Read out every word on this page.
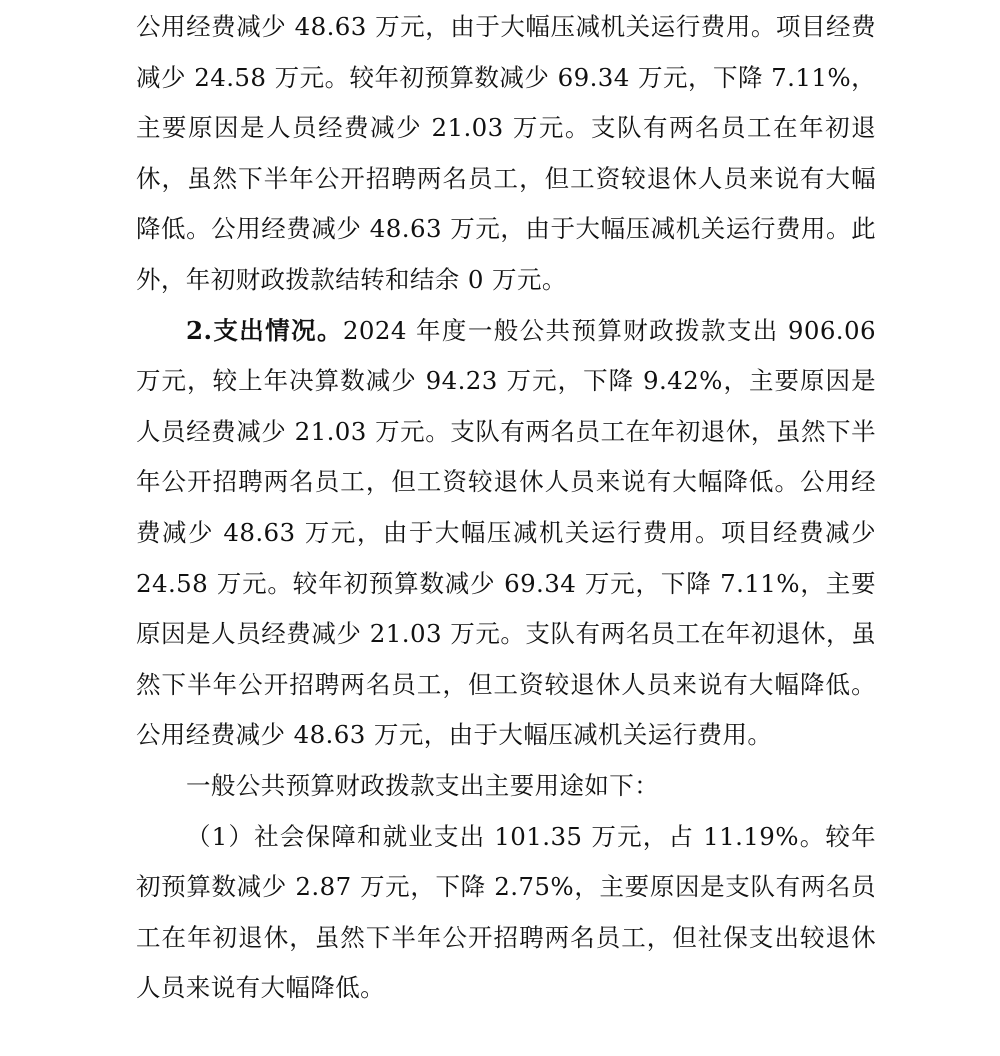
公用经费减少 48.63 万元，由于大幅压减机关运行费用。项目经费减少 24.58 万元。较年初预算数减少 69.34 万元，下降 7.11%，主要原因是人员经费减少 21.03 万元。支队有两名员工在年初退休，虽然下半年公开招聘两名员工，但工资较退休人员来说有大幅降低。公用经费减少 48.63 万元，由于大幅压减机关运行费用。此外，年初财政拨款结转和结余 0 万元。

2.支出情况。2024 年度一般公共预算财政拨款支出 906.06 万元，较上年决算数减少 94.23 万元，下降 9.42%，主要原因是人员经费减少 21.03 万元。支队有两名员工在年初退休，虽然下半年公开招聘两名员工，但工资较退休人员来说有大幅降低。公用经费减少 48.63 万元，由于大幅压减机关运行费用。项目经费减少 24.58 万元。较年初预算数减少 69.34 万元，下降 7.11%，主要原因是人员经费减少 21.03 万元。支队有两名员工在年初退休，虽然下半年公开招聘两名员工，但工资较退休人员来说有大幅降低。公用经费减少 48.63 万元，由于大幅压减机关运行费用。

一般公共预算财政拨款支出主要用途如下：

（1）社会保障和就业支出 101.35 万元，占 11.19%。较年初预算数减少 2.87 万元，下降 2.75%，主要原因是支队有两名员工在年初退休，虽然下半年公开招聘两名员工，但社保支出较退休人员来说有大幅降低。
